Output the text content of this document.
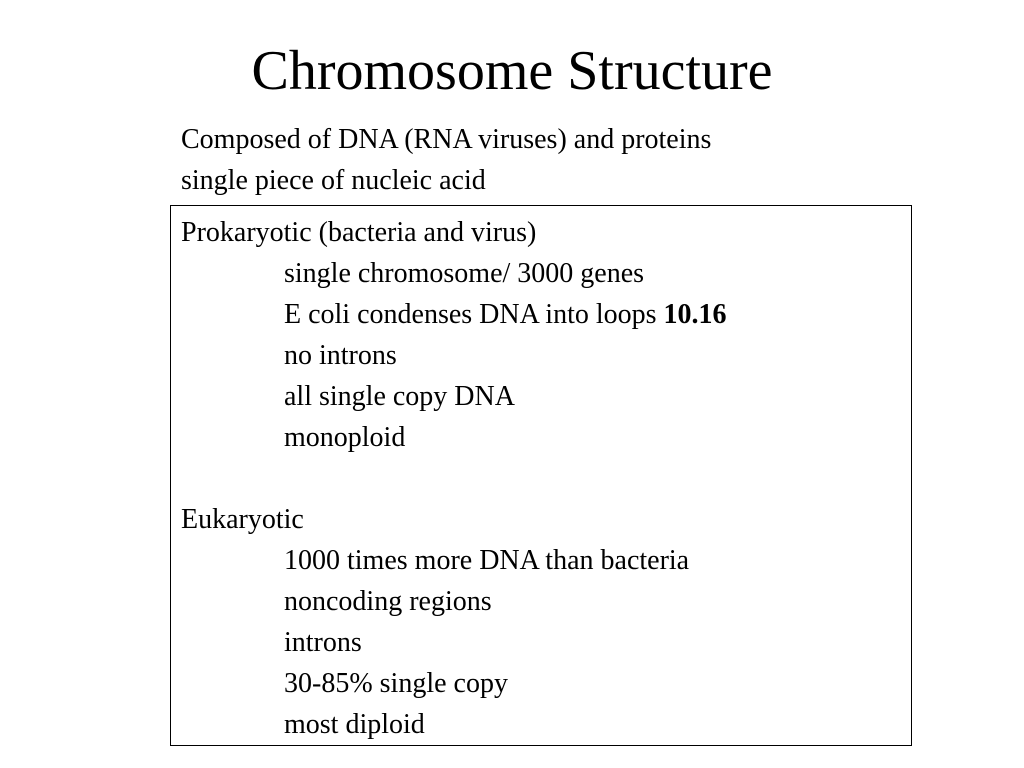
Chromosome Structure
Composed of DNA (RNA viruses) and proteins
single piece of nucleic acid
Prokaryotic (bacteria and virus)
single chromosome/ 3000 genes
E coli condenses DNA into loops 10.16
no introns
all single copy DNA
monoploid
Eukaryotic
1000 times more DNA than bacteria
noncoding regions
introns
30-85% single copy
most diploid
